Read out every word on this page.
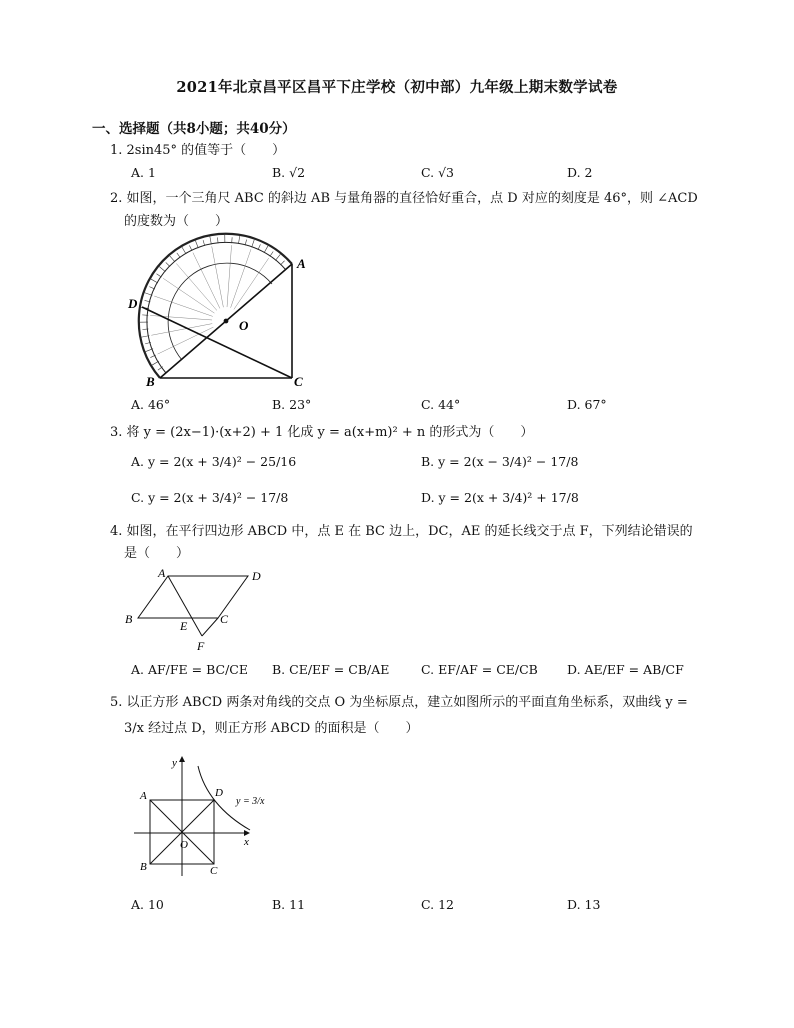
2021年北京昌平区昌平下庄学校（初中部）九年级上期末数学试卷
一、选择题（共8小题；共40分）
1. 2sin45° 的值等于（　　）
A. 1	B. √2	C. √3	D. 2
2. 如图，一个三角尺 ABC 的斜边 AB 与量角器的直径恰好重合，点 D 对应的刻度是 46°，则 ∠ACD
的度数为（　　）
A
B	C
D
O
A. 46°	B. 23°	C. 44°	D. 67°
3. 将 y = (2x−1)·(x+2) + 1 化成 y = a(x+m)² + n 的形式为（　　）
A. y = 2(x + 3/4)² − 25/16	B. y = 2(x − 3/4)² − 17/8
C. y = 2(x + 3/4)² − 17/8	D. y = 2(x + 3/4)² + 17/8
4. 如图，在平行四边形 ABCD 中，点 E 在 BC 边上，DC，AE 的延长线交于点 F，下列结论错误的
是（　　）
A	D
B	E	C
F
A. AF/FE = BC/CE B. CE/EF = CB/AE	C. EF/AF = CE/CB D. AE/EF = AB/CF
5. 以正方形 ABCD 两条对角线的交点 O 为坐标原点，建立如图所示的平面直角坐标系，双曲线 y =
3/x 经过点 D，则正方形 ABCD 的面积是（　　）
y
x
A
B	C
D
O
y = 3/x
A. 10	B. 11	C. 12	D. 13
